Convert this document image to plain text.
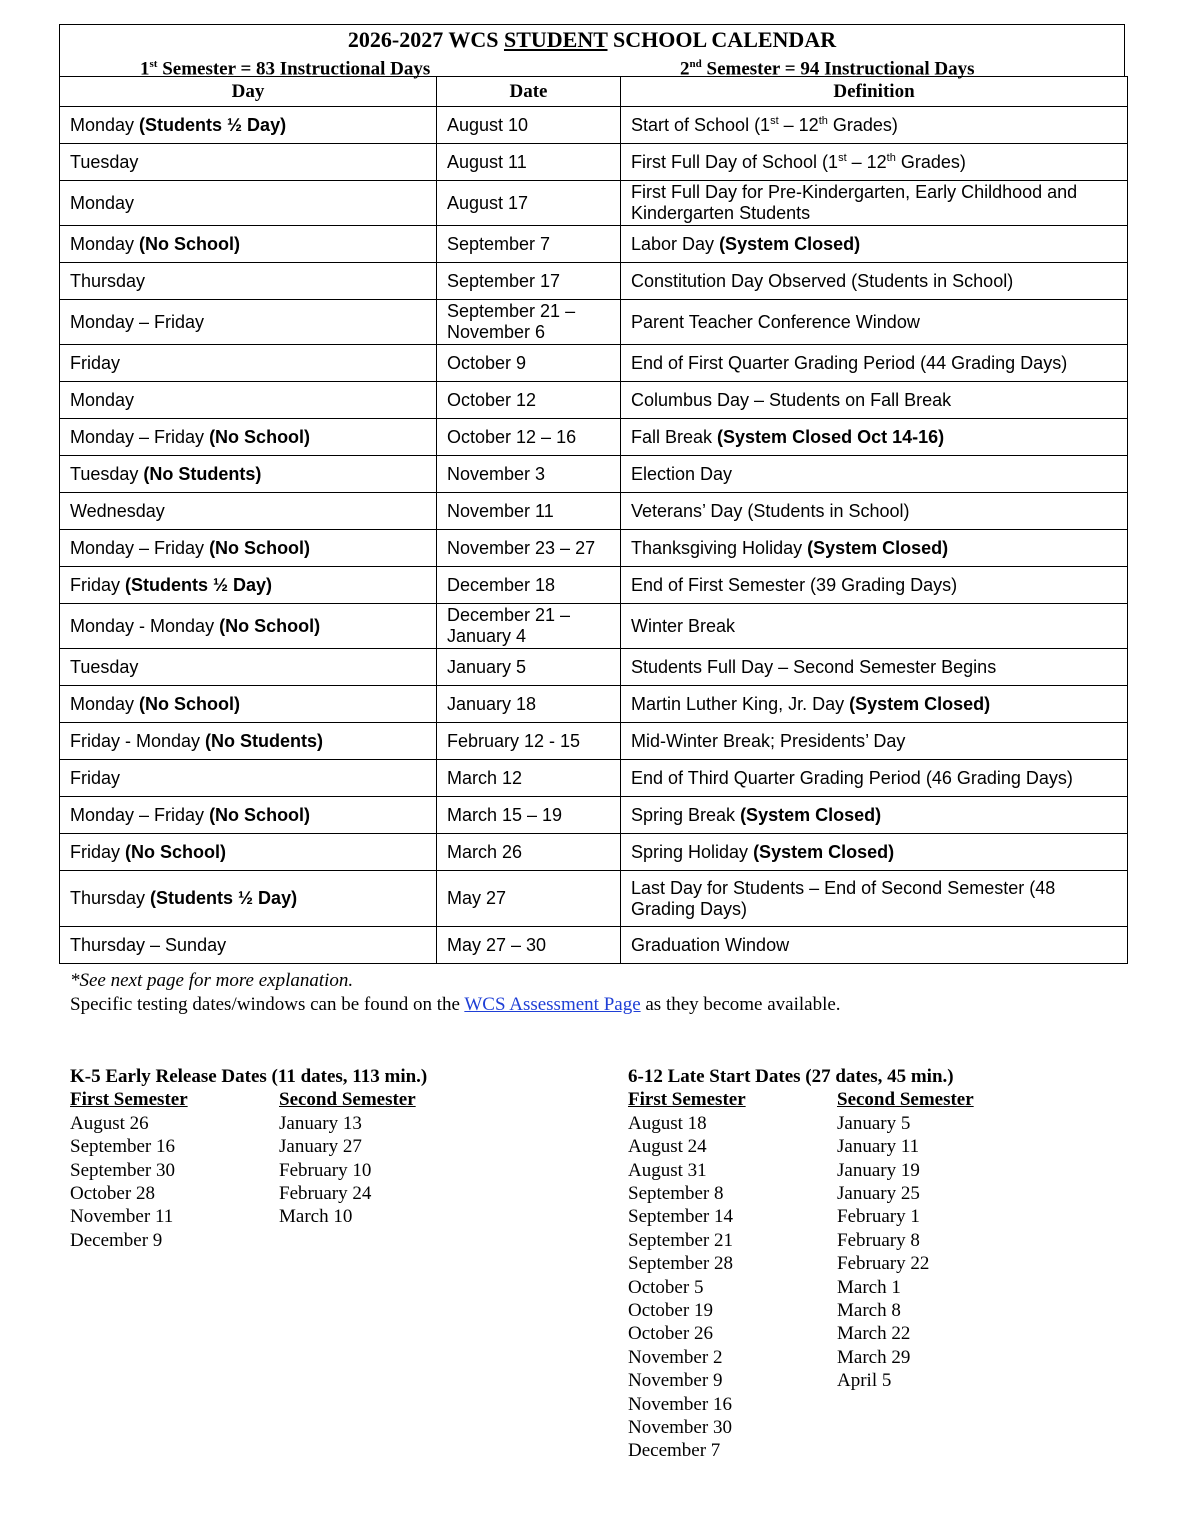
2026-2027 WCS STUDENT SCHOOL CALENDAR
1st Semester = 83 Instructional Days	2nd Semester = 94 Instructional Days
Day	Date	Definition
Monday (Students ½ Day)	August 10	Start of School (1st – 12th Grades)
Tuesday	August 11	First Full Day of School (1st – 12th Grades)
Monday	August 17	First Full Day for Pre-Kindergarten, Early Childhood and Kindergarten Students
Monday (No School)	September 7	Labor Day (System Closed)
Thursday	September 17	Constitution Day Observed (Students in School)
Monday – Friday	September 21 – November 6	Parent Teacher Conference Window
Friday	October 9	End of First Quarter Grading Period (44 Grading Days)
Monday	October 12	Columbus Day – Students on Fall Break
Monday – Friday (No School)	October 12 – 16	Fall Break (System Closed Oct 14-16)
Tuesday (No Students)	November 3	Election Day
Wednesday	November 11	Veterans’ Day (Students in School)
Monday – Friday (No School)	November 23 – 27	Thanksgiving Holiday (System Closed)
Friday (Students ½ Day)	December 18	End of First Semester (39 Grading Days)
Monday - Monday (No School)	December 21 – January 4	Winter Break
Tuesday	January 5	Students Full Day – Second Semester Begins
Monday (No School)	January 18	Martin Luther King, Jr. Day (System Closed)
Friday - Monday (No Students)	February 12 - 15	Mid-Winter Break; Presidents’ Day
Friday	March 12	End of Third Quarter Grading Period (46 Grading Days)
Monday – Friday (No School)	March 15 – 19	Spring Break (System Closed)
Friday (No School)	March 26	Spring Holiday (System Closed)
Thursday (Students ½ Day)	May 27	Last Day for Students – End of Second Semester (48 Grading Days)
Thursday – Sunday	May 27 – 30	Graduation Window
*See next page for more explanation.
Specific testing dates/windows can be found on the WCS Assessment Page as they become available.
K-5 Early Release Dates (11 dates, 113 min.)
First Semester
August 26
September 16
September 30
October 28
November 11
December 9
Second Semester
January 13
January 27
February 10
February 24
March 10
6-12 Late Start Dates (27 dates, 45 min.)
First Semester
August 18
August 24
August 31
September 8
September 14
September 21
September 28
October 5
October 19
October 26
November 2
November 9
November 16
November 30
December 7
Second Semester
January 5
January 11
January 19
January 25
February 1
February 8
February 22
March 1
March 8
March 22
March 29
April 5
